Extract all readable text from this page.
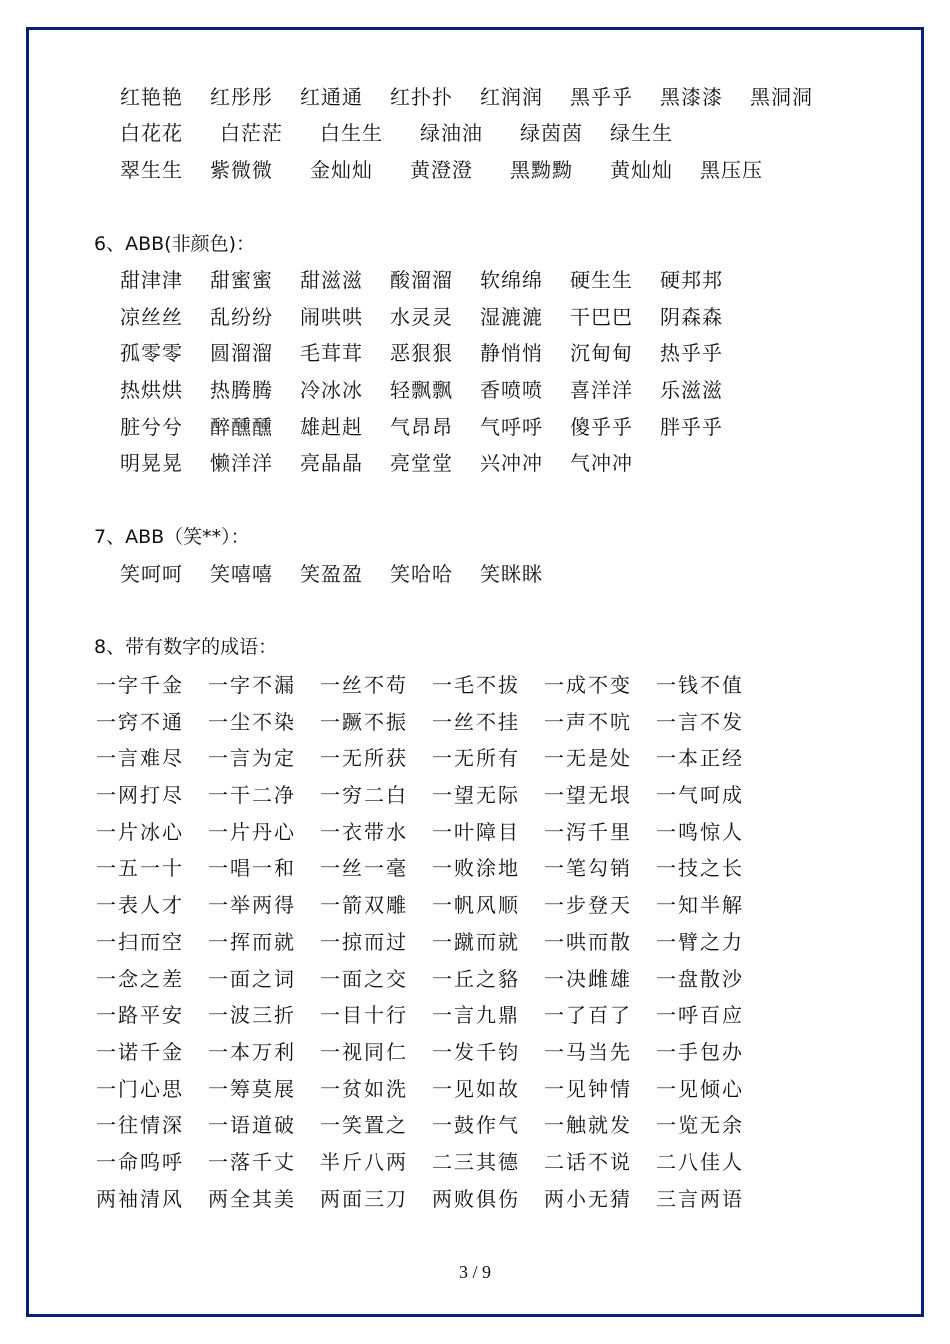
红艳艳 红彤彤 红通通 红扑扑 红润润 黑乎乎 黑漆漆 黑洞洞
白花花 白茫茫 白生生 绿油油 绿茵茵 绿生生
翠生生 紫微微 金灿灿 黄澄澄 黑黝黝 黄灿灿 黑压压
6、ABB(非颜色)：
甜津津 甜蜜蜜 甜滋滋 酸溜溜 软绵绵 硬生生 硬邦邦
凉丝丝 乱纷纷 闹哄哄 水灵灵 湿漉漉 干巴巴 阴森森
孤零零 圆溜溜 毛茸茸 恶狠狠 静悄悄 沉甸甸 热乎乎
热烘烘 热腾腾 冷冰冰 轻飘飘 香喷喷 喜洋洋 乐滋滋
脏兮兮 醉醺醺 雄赳赳 气昂昂 气呼呼 傻乎乎 胖乎乎
明晃晃 懒洋洋 亮晶晶 亮堂堂 兴冲冲 气冲冲
7、ABB（笑**）：
笑呵呵 笑嘻嘻 笑盈盈 笑哈哈 笑眯眯
8、带有数字的成语：
一字千金 一字不漏 一丝不苟 一毛不拔 一成不变 一钱不值
一窍不通 一尘不染 一蹶不振 一丝不挂 一声不吭 一言不发
一言难尽 一言为定 一无所获 一无所有 一无是处 一本正经
一网打尽 一干二净 一穷二白 一望无际 一望无垠 一气呵成
一片冰心 一片丹心 一衣带水 一叶障目 一泻千里 一鸣惊人
一五一十 一唱一和 一丝一毫 一败涂地 一笔勾销 一技之长
一表人才 一举两得 一箭双雕 一帆风顺 一步登天 一知半解
一扫而空 一挥而就 一掠而过 一蹴而就 一哄而散 一臂之力
一念之差 一面之词 一面之交 一丘之貉 一决雌雄 一盘散沙
一路平安 一波三折 一目十行 一言九鼎 一了百了 一呼百应
一诺千金 一本万利 一视同仁 一发千钧 一马当先 一手包办
一门心思 一筹莫展 一贫如洗 一见如故 一见钟情 一见倾心
一往情深 一语道破 一笑置之 一鼓作气 一触就发 一览无余
一命呜呼 一落千丈 半斤八两 二三其德 二话不说 二八佳人
两袖清风 两全其美 两面三刀 两败俱伤 两小无猜 三言两语
3 / 9
